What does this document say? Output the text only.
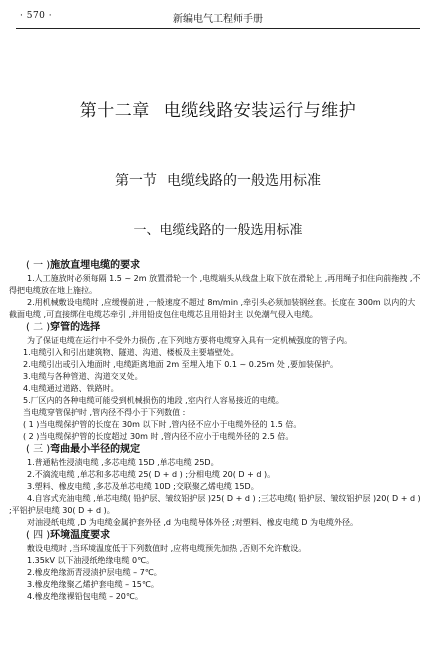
· 570 ·	新编电气工程师手册
第十二章 电缆线路安装运行与维护
第一节 电缆线路的一般选用标准
一、电缆线路的一般选用标准
( 一 )施放直埋电缆的要求

1.人工施放时必须每隔 1.5 ~ 2m 放置滑轮一个 ,电缆端头从线盘上取下放在滑轮上 ,再用绳子扣住向前拖拽 ,不得把电缆放在地上施拉。

2.用机械敷设电缆时 ,应缓慢前进 ,一般速度不超过 8m/min ,牵引头必须加装钢丝套。长度在 300m 以内的大截面电缆 ,可直接绑住电缆芯牵引 ,并用铅皮包住电缆芯且用铅封主 以免潮气侵入电缆。

( 二 )穿管的选择

为了保证电缆在运行中不受外力损伤 ,在下列地方要将电缆穿入具有一定机械强度的管子内。

1.电缆引入和引出建筑物、隧道、沟道、楼板及主要墙壁处。

2.电缆引出或引入地面时 ,电缆距离地面 2m 至埋入地下 0.1 ~ 0.25m 处 ,要加装保护。

3.电缆与各种管道、沟道交叉处。

4.电缆通过道路、铁路时。

5.厂区内的各种电缆可能受到机械损伤的地段 ,室内行人容易接近的电缆。

当电缆穿管保护时 ,管内径不得小于下列数值 :

( 1 )当电缆保护管的长度在 30m 以下时 ,管内径不应小于电缆外径的 1.5 倍。

( 2 )当电缆保护管的长度超过 30m 时 ,管内径不应小于电缆外径的 2.5 倍。

( 三 )弯曲最小半径的规定

1.普通粘性浸渍电缆 ,多芯电缆 15D ,单芯电缆 25D。

2.不滴流电缆 ,单芯和多芯电缆 25( D + d ) ;分相电缆 20( D + d )。

3.塑料、橡皮电缆 ,多芯及单芯电缆 10D ;交联聚乙烯电缆 15D。

4.自容式充油电缆 ,单芯电缆( 铅护层、皱纹铝护层 )25( D + d ) ;三芯电缆( 铅护层、皱纹铝护层 )20( D + d ) ;平铝护层电缆 30( D + d )。

对油浸纸电缆 ,D 为电缆金属护套外径 ,d 为电缆导体外径 ;对塑料、橡皮电缆 D 为电缆外径。

( 四 )环境温度要求

敷设电缆时 ,当环境温度低于下列数值时 ,应将电缆预先加热 ,否则不允许敷设。

1.35kV 以下油浸纸绝缘电缆 0℃。

2.橡皮绝缘沥青浸渍护层电缆 – 7℃。

3.橡皮绝缘聚乙烯护套电缆 – 15℃。

4.橡皮绝缘裸铅包电缆 – 20℃。
